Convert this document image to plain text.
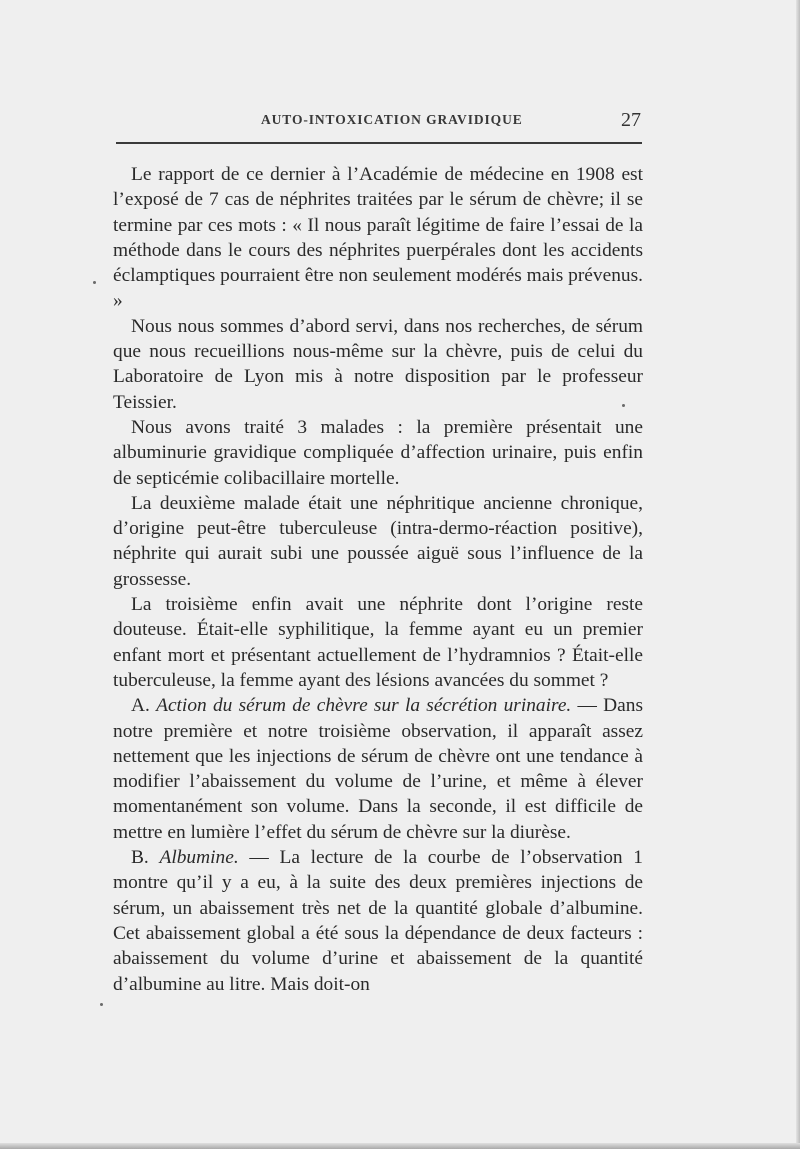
AUTO-INTOXICATION GRAVIDIQUE	27

Le rapport de ce dernier à l’Académie de médecine en 1908 est l’exposé de 7 cas de néphrites traitées par le sérum de chèvre; il se termine par ces mots : « Il nous paraît légitime de faire l’essai de la méthode dans le cours des néphrites puerpérales dont les accidents éclamptiques pourraient être non seulement modérés mais prévenus. »

Nous nous sommes d’abord servi, dans nos recherches, de sérum que nous recueillions nous-même sur la chèvre, puis de celui du Laboratoire de Lyon mis à notre disposition par le professeur Teissier.

Nous avons traité 3 malades : la première présentait une albuminurie gravidique compliquée d’affection urinaire, puis enfin de septicémie colibacillaire mortelle.

La deuxième malade était une néphritique ancienne chronique, d’origine peut-être tuberculeuse (intra-dermo-réaction positive), néphrite qui aurait subi une poussée aiguë sous l’influence de la grossesse.

La troisième enfin avait une néphrite dont l’origine reste douteuse. Était-elle syphilitique, la femme ayant eu un premier enfant mort et présentant actuellement de l’hydramnios ? Était-elle tuberculeuse, la femme ayant des lésions avancées du sommet ?

A. Action du sérum de chèvre sur la sécrétion urinaire. — Dans notre première et notre troisième observation, il apparaît assez nettement que les injections de sérum de chèvre ont une tendance à modifier l’abaissement du volume de l’urine, et même à élever momentanément son volume. Dans la seconde, il est difficile de mettre en lumière l’effet du sérum de chèvre sur la diurèse.

B. Albumine. — La lecture de la courbe de l’observation 1 montre qu’il y a eu, à la suite des deux premières injections de sérum, un abaissement très net de la quantité globale d’albumine. Cet abaissement global a été sous la dépendance de deux facteurs : abaissement du volume d’urine et abaissement de la quantité d’albumine au litre. Mais doit-on
